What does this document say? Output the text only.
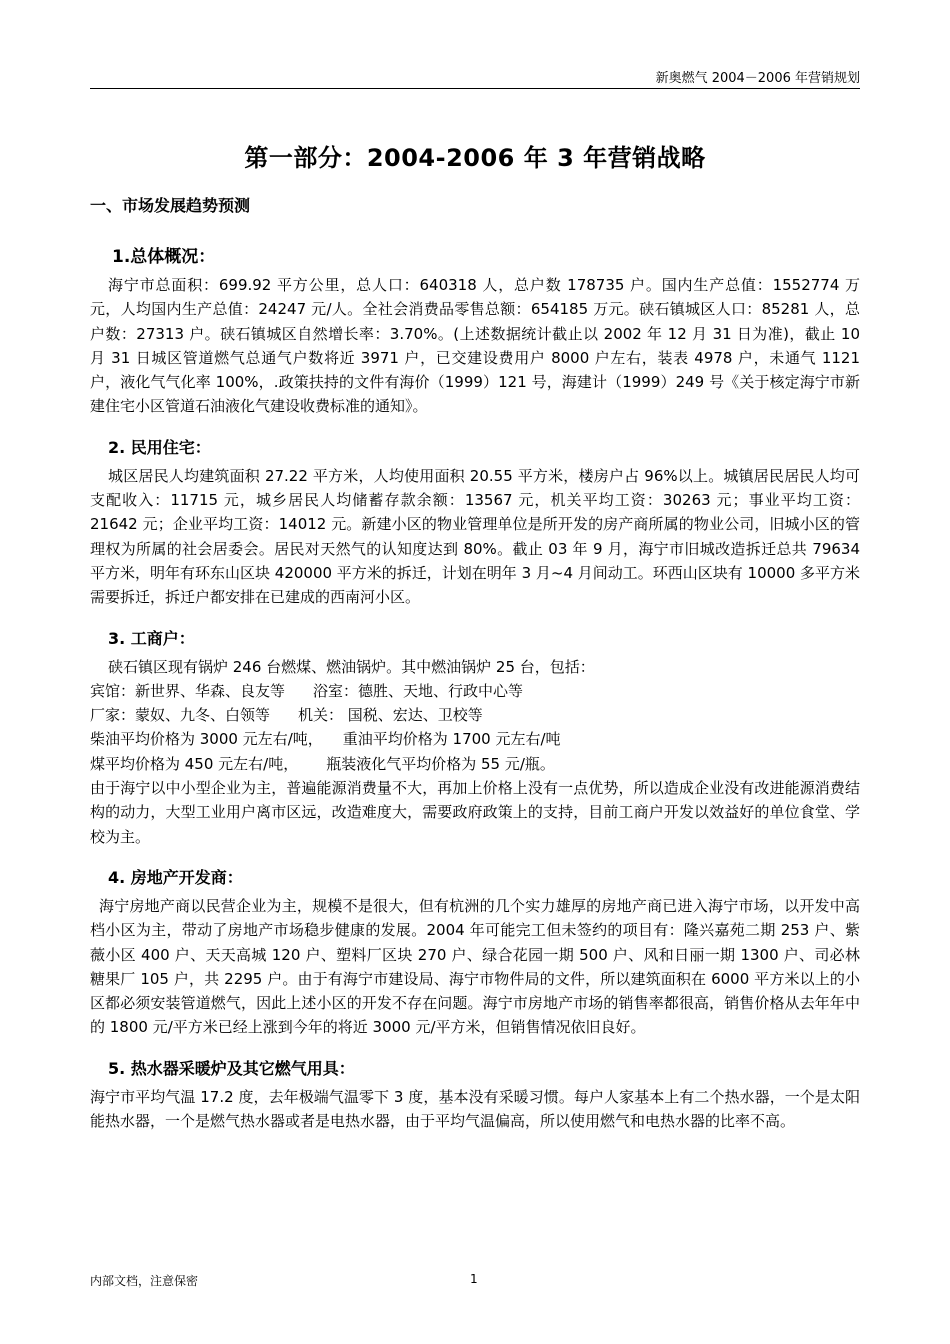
新奥燃气 2004－2006 年营销规划
第一部分：2004-2006 年 3 年营销战略
一、市场发展趋势预测
1.总体概况：

海宁市总面积：699.92 平方公里，总人口：640318 人，总户数 178735 户。国内生产总值：1552774 万元，人均国内生产总值：24247 元/人。全社会消费品零售总额：654185 万元。硖石镇城区人口：85281 人，总户数：27313 户。硖石镇城区自然增长率：3.70%。(上述数据统计截止以 2002 年 12 月 31 日为准)，截止 10 月 31 日城区管道燃气总通气户数将近 3971 户，已交建设费用户 8000 户左右，装表 4978 户，未通气 1121 户，液化气气化率 100%，.政策扶持的文件有海价（1999）121 号，海建计（1999）249 号《关于核定海宁市新建住宅小区管道石油液化气建设收费标准的通知》。

2. 民用住宅：

城区居民人均建筑面积 27.22 平方米，人均使用面积 20.55 平方米，楼房户占 96%以上。城镇居民居民人均可支配收入：11715 元，城乡居民人均储蓄存款余额：13567 元，机关平均工资：30263 元；事业平均工资：21642 元；企业平均工资：14012 元。新建小区的物业管理单位是所开发的房产商所属的物业公司，旧城小区的管理权为所属的社会居委会。居民对天然气的认知度达到 80%。截止 03 年 9 月，海宁市旧城改造拆迁总共 79634 平方米，明年有环东山区块 420000 平方米的拆迁，计划在明年 3 月~4 月间动工。环西山区块有 10000 多平方米需要拆迁，拆迁户都安排在已建成的西南河小区。

3. 工商户：

硖石镇区现有锅炉 246 台燃煤、燃油锅炉。其中燃油锅炉 25 台，包括：

宾馆：新世界、华森、良友等 浴室：德胜、天地、行政中心等

厂家：蒙奴、九冬、白领等 机关： 国税、宏达、卫校等

柴油平均价格为 3000 元左右/吨， 重油平均价格为 1700 元左右/吨

煤平均价格为 450 元左右/吨， 瓶装液化气平均价格为 55 元/瓶。

由于海宁以中小型企业为主，普遍能源消费量不大，再加上价格上没有一点优势，所以造成企业没有改进能源消费结构的动力，大型工业用户离市区远，改造难度大，需要政府政策上的支持，目前工商户开发以效益好的单位食堂、学校为主。

4. 房地产开发商：

海宁房地产商以民营企业为主，规模不是很大，但有杭洲的几个实力雄厚的房地产商已进入海宁市场，以开发中高档小区为主，带动了房地产市场稳步健康的发展。2004 年可能完工但未签约的项目有：隆兴嘉苑二期 253 户、紫薇小区 400 户、天天高城 120 户、塑料厂区块 270 户、绿合花园一期 500 户、风和日丽一期 1300 户、司必林糖果厂 105 户，共 2295 户。由于有海宁市建设局、海宁市物件局的文件，所以建筑面积在 6000 平方米以上的小区都必须安装管道燃气，因此上述小区的开发不存在问题。海宁市房地产市场的销售率都很高，销售价格从去年年中的 1800 元/平方米已经上涨到今年的将近 3000 元/平方米，但销售情况依旧良好。

5. 热水器采暖炉及其它燃气用具：

海宁市平均气温 17.2 度，去年极端气温零下 3 度，基本没有采暖习惯。每户人家基本上有二个热水器，一个是太阳能热水器，一个是燃气热水器或者是电热水器，由于平均气温偏高，所以使用燃气和电热水器的比率不高。

内部文档，注意保密	1
